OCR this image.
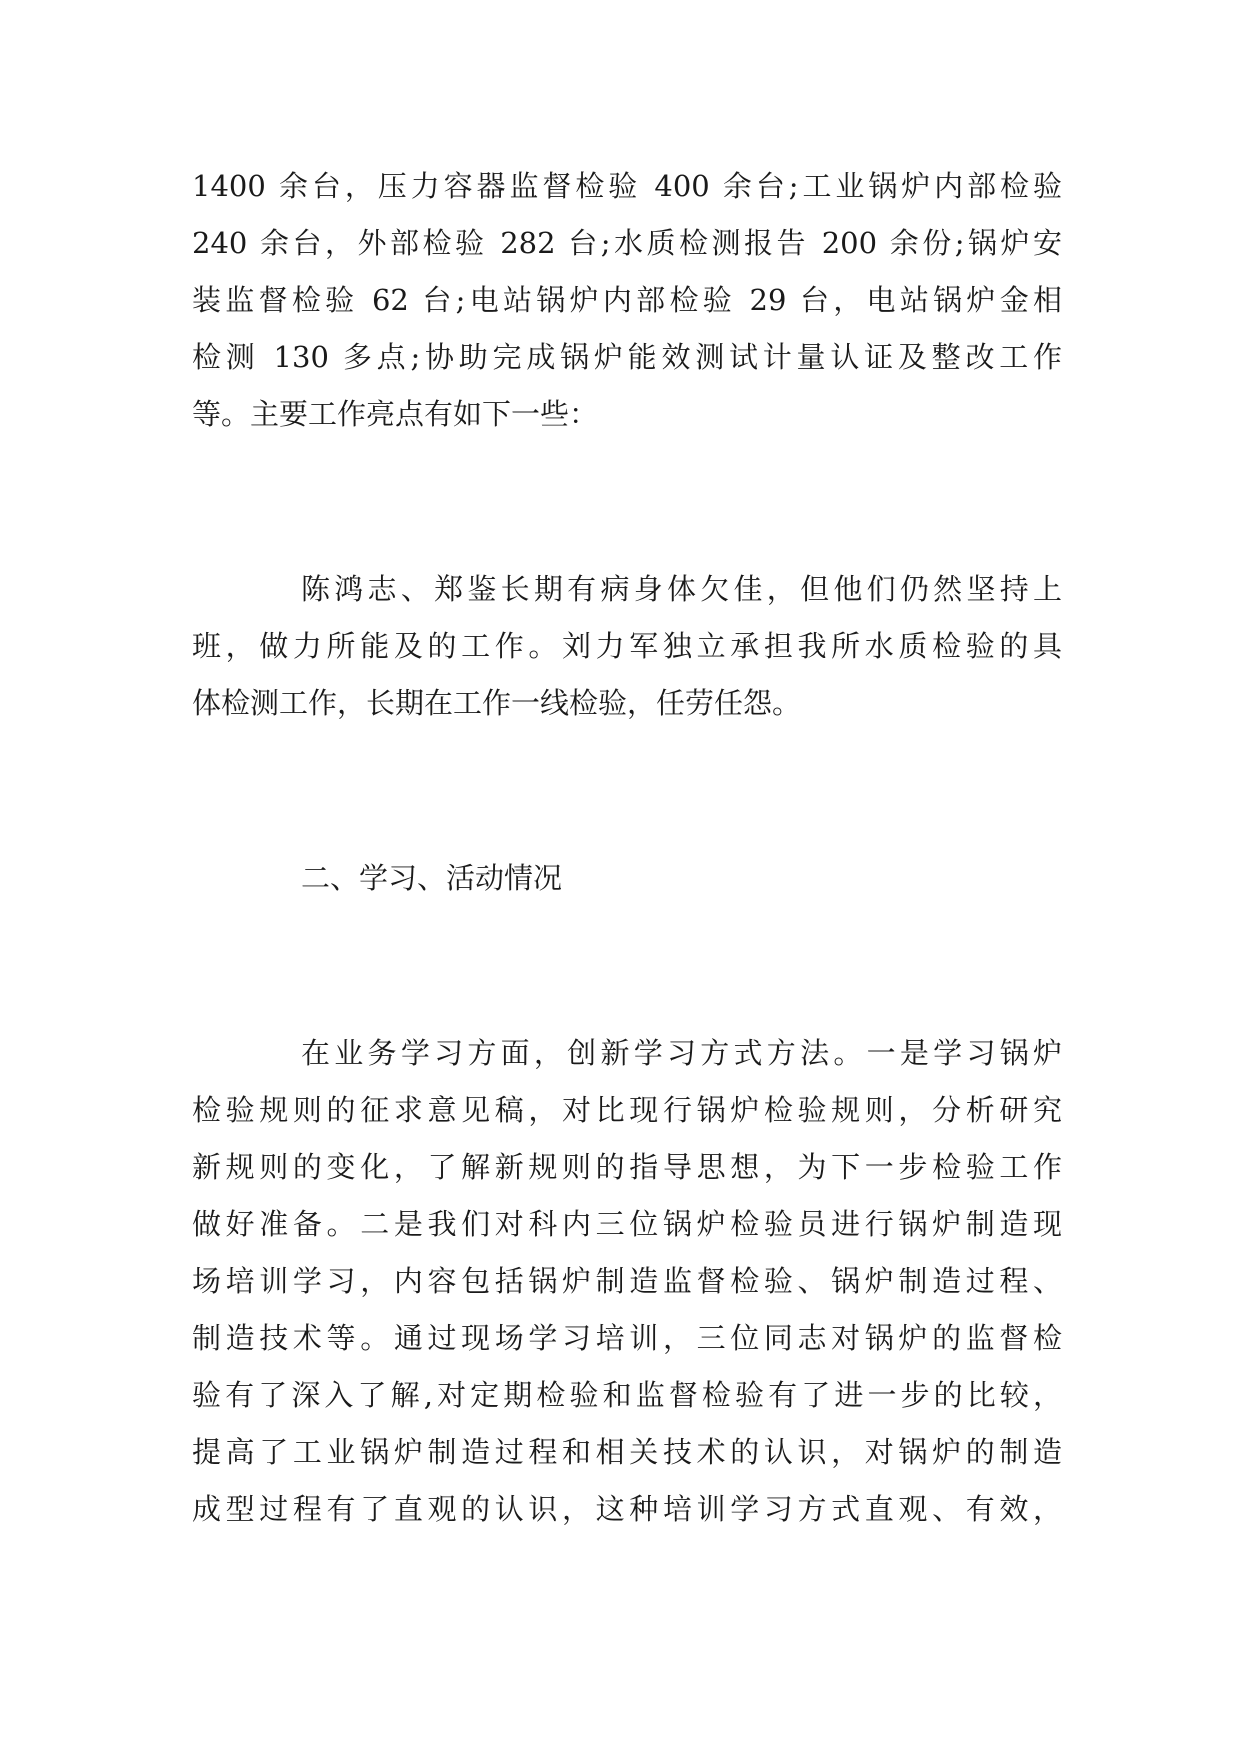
1400 余台，压力容器监督检验 400 余台;工业锅炉内部检验
240 余台，外部检验 282 台;水质检测报告 200 余份;锅炉安
装监督检验 62 台;电站锅炉内部检验 29 台，电站锅炉金相
检测 130 多点;协助完成锅炉能效测试计量认证及整改工作
等。主要工作亮点有如下一些：
陈鸿志、郑鉴长期有病身体欠佳，但他们仍然坚持上
班，做力所能及的工作。刘力军独立承担我所水质检验的具
体检测工作，长期在工作一线检验，任劳任怨。
二、学习、活动情况
在业务学习方面，创新学习方式方法。一是学习锅炉
检验规则的征求意见稿，对比现行锅炉检验规则，分析研究
新规则的变化，了解新规则的指导思想，为下一步检验工作
做好准备。二是我们对科内三位锅炉检验员进行锅炉制造现
场培训学习，内容包括锅炉制造监督检验、锅炉制造过程、
制造技术等。通过现场学习培训，三位同志对锅炉的监督检
验有了深入了解,对定期检验和监督检验有了进一步的比较，
提高了工业锅炉制造过程和相关技术的认识，对锅炉的制造
成型过程有了直观的认识，这种培训学习方式直观、有效，
